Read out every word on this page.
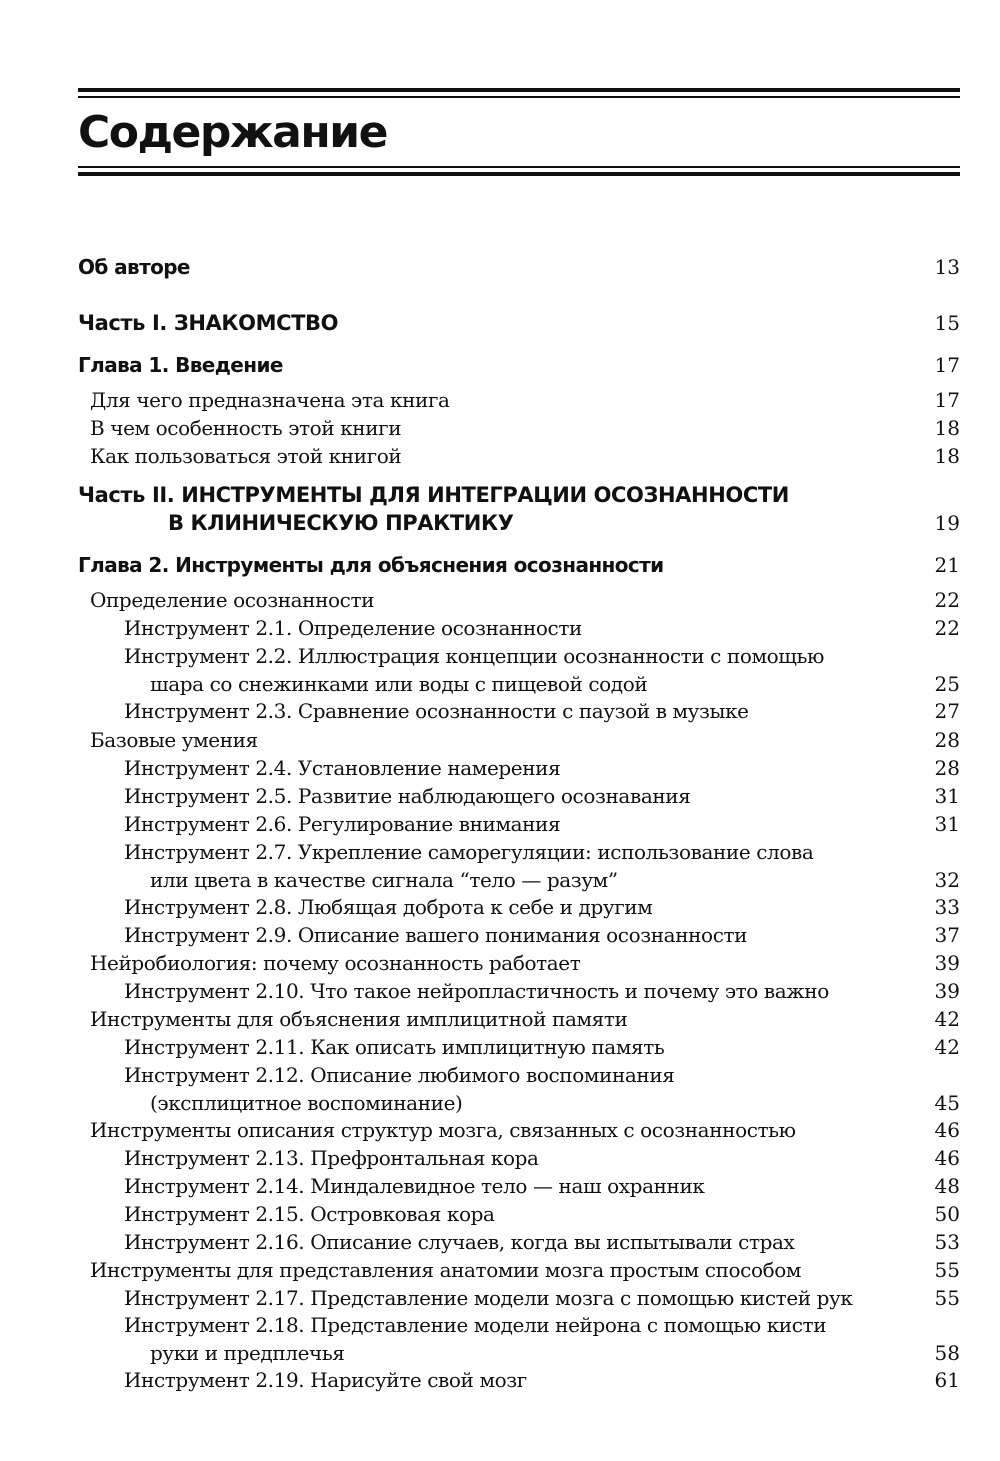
Содержание
Об авторе	13
Часть I. ЗНАКОМСТВО	15
Глава 1. Введение	17
Для чего предназначена эта книга	17
В чем особенность этой книги	18
Как пользоваться этой книгой	18
Часть II. ИНСТРУМЕНТЫ ДЛЯ ИНТЕГРАЦИИ ОСОЗНАННОСТИ
В КЛИНИЧЕСКУЮ ПРАКТИКУ	19
Глава 2. Инструменты для объяснения осознанности	21
Определение осознанности	22
Инструмент 2.1. Определение осознанности	22
Инструмент 2.2. Иллюстрация концепции осознанности с помощью
шара со снежинками или воды с пищевой содой	25
Инструмент 2.3. Сравнение осознанности с паузой в музыке	27
Базовые умения	28
Инструмент 2.4. Установление намерения	28
Инструмент 2.5. Развитие наблюдающего осознавания	31
Инструмент 2.6. Регулирование внимания	31
Инструмент 2.7. Укрепление саморегуляции: использование слова
или цвета в качестве сигнала “тело — разум”	32
Инструмент 2.8. Любящая доброта к себе и другим	33
Инструмент 2.9. Описание вашего понимания осознанности	37
Нейробиология: почему осознанность работает	39
Инструмент 2.10. Что такое нейропластичность и почему это важно	39
Инструменты для объяснения имплицитной памяти	42
Инструмент 2.11. Как описать имплицитную память	42
Инструмент 2.12. Описание любимого воспоминания
(эксплицитное воспоминание)	45
Инструменты описания структур мозга, связанных с осознанностью	46
Инструмент 2.13. Префронтальная кора	46
Инструмент 2.14. Миндалевидное тело — наш охранник	48
Инструмент 2.15. Островковая кора	50
Инструмент 2.16. Описание случаев, когда вы испытывали страх	53
Инструменты для представления анатомии мозга простым способом	55
Инструмент 2.17. Представление модели мозга с помощью кистей рук	55
Инструмент 2.18. Представление модели нейрона с помощью кисти
руки и предплечья	58
Инструмент 2.19. Нарисуйте свой мозг	61
